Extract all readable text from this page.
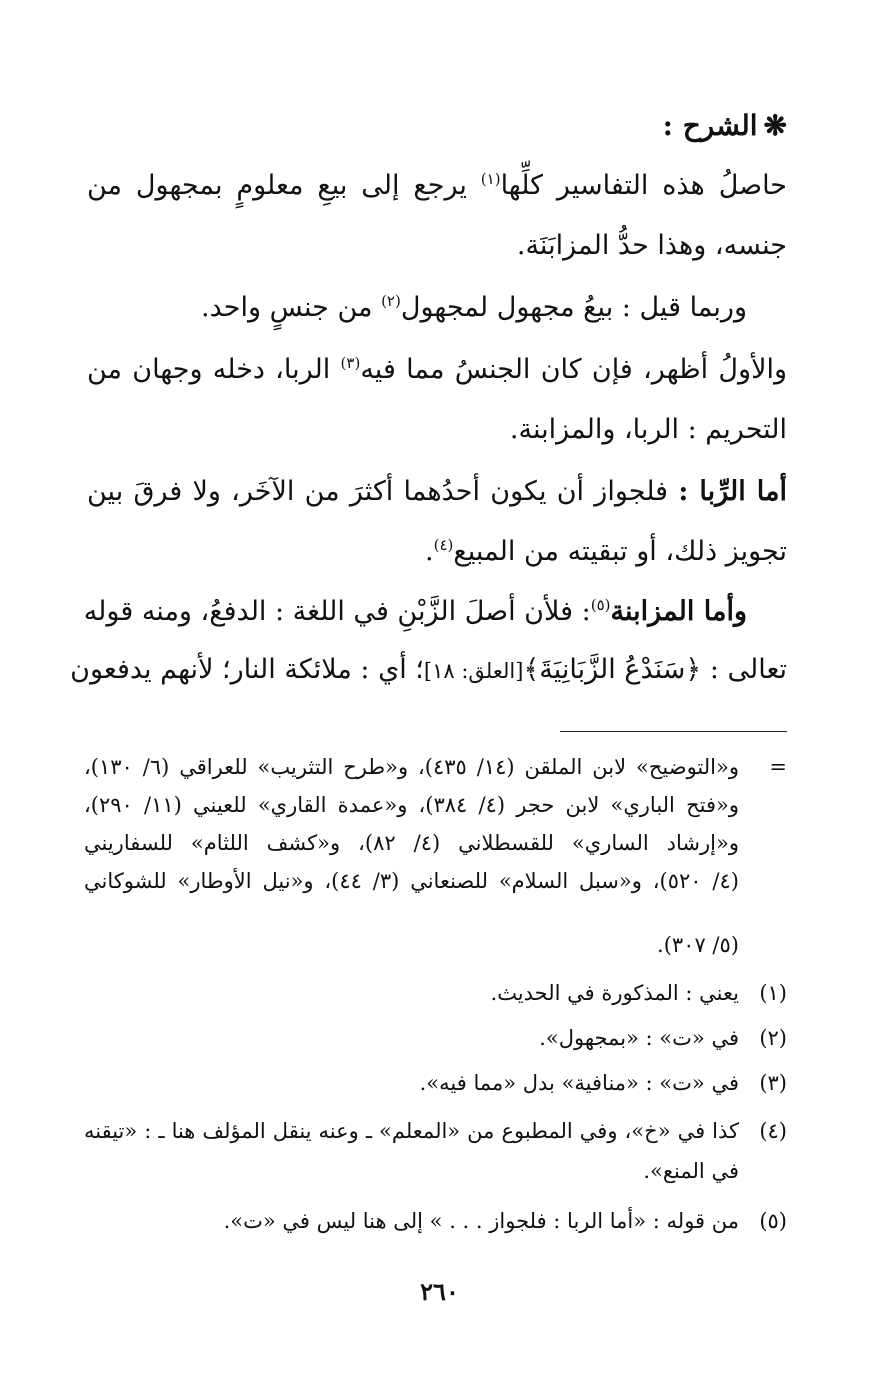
❋الشرح :
حاصلُ هذه التفاسير كلِّها$^{(١)}$ يرجع إلى بيعِ معلومٍ بمجهول من
جنسه، وهذا حدُّ المزابَنَة.
وربما قيل : بيعُ مجهول لمجهول$^{(٢)}$ من جنسٍ واحد.
والأولُ أظهر، فإن كان الجنسُ مما فيه$^{(٣)}$ الربا، دخله وجهان من
التحريم : الربا، والمزابنة.
أما الرِّبا : فلجواز أن يكون أحدُهما أكثرَ من الآخَر، ولا فرقَ بين
تجويز ذلك، أو تبقيته من المبيع$^{(٤)}$.
وأما المزابنة$^{(٥)}$: فلأن أصلَ الزَّبْنِ في اللغة : الدفعُ، ومنه قوله
تعالى : ﴿سَنَدْعُ الزَّبَانِيَةَ﴾[العلق: ١٨]؛ أي : ملائكة النار؛ لأنهم يدفعون
=
و«التوضيح» لابن الملقن (١٤/ ٤٣٥)، و«طرح التثريب» للعراقي (٦/ ١٣٠)،
و«فتح الباري» لابن حجر (٤/ ٣٨٤)، و«عمدة القاري» للعيني (١١/ ٢٩٠)،
و«إرشاد الساري» للقسطلاني (٤/ ٨٢)، و«كشف اللثام» للسفاريني
(٤/ ٥٢٠)، و«سبل السلام» للصنعاني (٣/ ٤٤)، و«نيل الأوطار» للشوكاني
(٥/ ٣٠٧).
(١)
يعني : المذكورة في الحديث.
(٢)
في «ت» : «بمجهول».
(٣)
في «ت» : «منافية» بدل «مما فيه».
(٤)
كذا في «خ»، وفي المطبوع من «المعلم» ـ وعنه ينقل المؤلف هنا ـ : «تيقنه
في المنع».
(٥)
من قوله : «أما الربا : فلجواز . . . » إلى هنا ليس في «ت».
٢٦٠
